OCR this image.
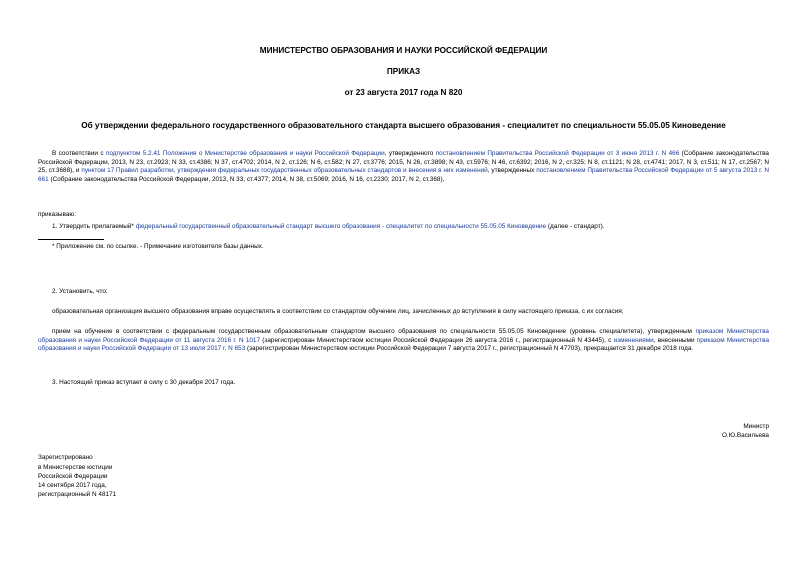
МИНИСТЕРСТВО ОБРАЗОВАНИЯ И НАУКИ РОССИЙСКОЙ ФЕДЕРАЦИИ
ПРИКАЗ
от 23 августа 2017 года N 820
Об утверждении федерального государственного образовательного стандарта высшего образования - специалитет по специальности 55.05.05 Киноведение
В соответствии с подпунктом 5.2.41 Положения о Министерстве образования и науки Российской Федерации, утвержденного постановлением Правительства Российской Федерации от 3 июня 2013 г. N 466 (Собрание законодательства Российской Федерации, 2013, N 23, ст.2923; N 33, ст.4386; N 37, ст.4702; 2014, N 2, ст.126; N 6, ст.582; N 27, ст.3776; 2015, N 26, ст.3898; N 43, ст.5976; N 46, ст.6392; 2016, N 2, ст.325; N 8, ст.1121; N 28, ст.4741; 2017, N 3, ст.511; N 17, ст.2567; N 25, ст.3688), и пунктом 17 Правил разработки, утверждения федеральных государственных образовательных стандартов и внесения в них изменений, утвержденных постановлением Правительства Российской Федерации от 5 августа 2013 г. N 661 (Собрание законодательства Российской Федерации, 2013, N 33, ст.4377; 2014, N 38, ст.5069; 2016, N 16, ст.2230; 2017, N 2, ст.368),
приказываю:
1. Утвердить прилагаемый* федеральный государственный образовательный стандарт высшего образования - специалитет по специальности 55.05.05 Киноведение (далее - стандарт).
* Приложение см. по ссылке. - Примечание изготовителя базы данных.
2. Установить, что:
образовательная организация высшего образования вправе осуществлять в соответствии со стандартом обучение лиц, зачисленных до вступления в силу настоящего приказа, с их согласия;
прием на обучение в соответствии с федеральным государственным образовательным стандартом высшего образования по специальности 55.05.05 Киноведение (уровень специалитета), утвержденным приказом Министерства образования и науки Российской Федерации от 11 августа 2016 г. N 1017 (зарегистрирован Министерством юстиции Российской Федерации 26 августа 2016 г., регистрационный N 43445), с изменениями, внесенными приказом Министерства образования и науки Российской Федерации от 13 июля 2017 г. N 653 (зарегистрирован Министерством юстиции Российской Федерации 7 августа 2017 г., регистрационный N 47703), прекращается 31 декабря 2018 года.
3. Настоящий приказ вступает в силу с 30 декабря 2017 года.
Министр
О.Ю.Васильева
Зарегистрировано
в Министерстве юстиции
Российской Федерации
14 сентября 2017 года,
регистрационный N 48171
